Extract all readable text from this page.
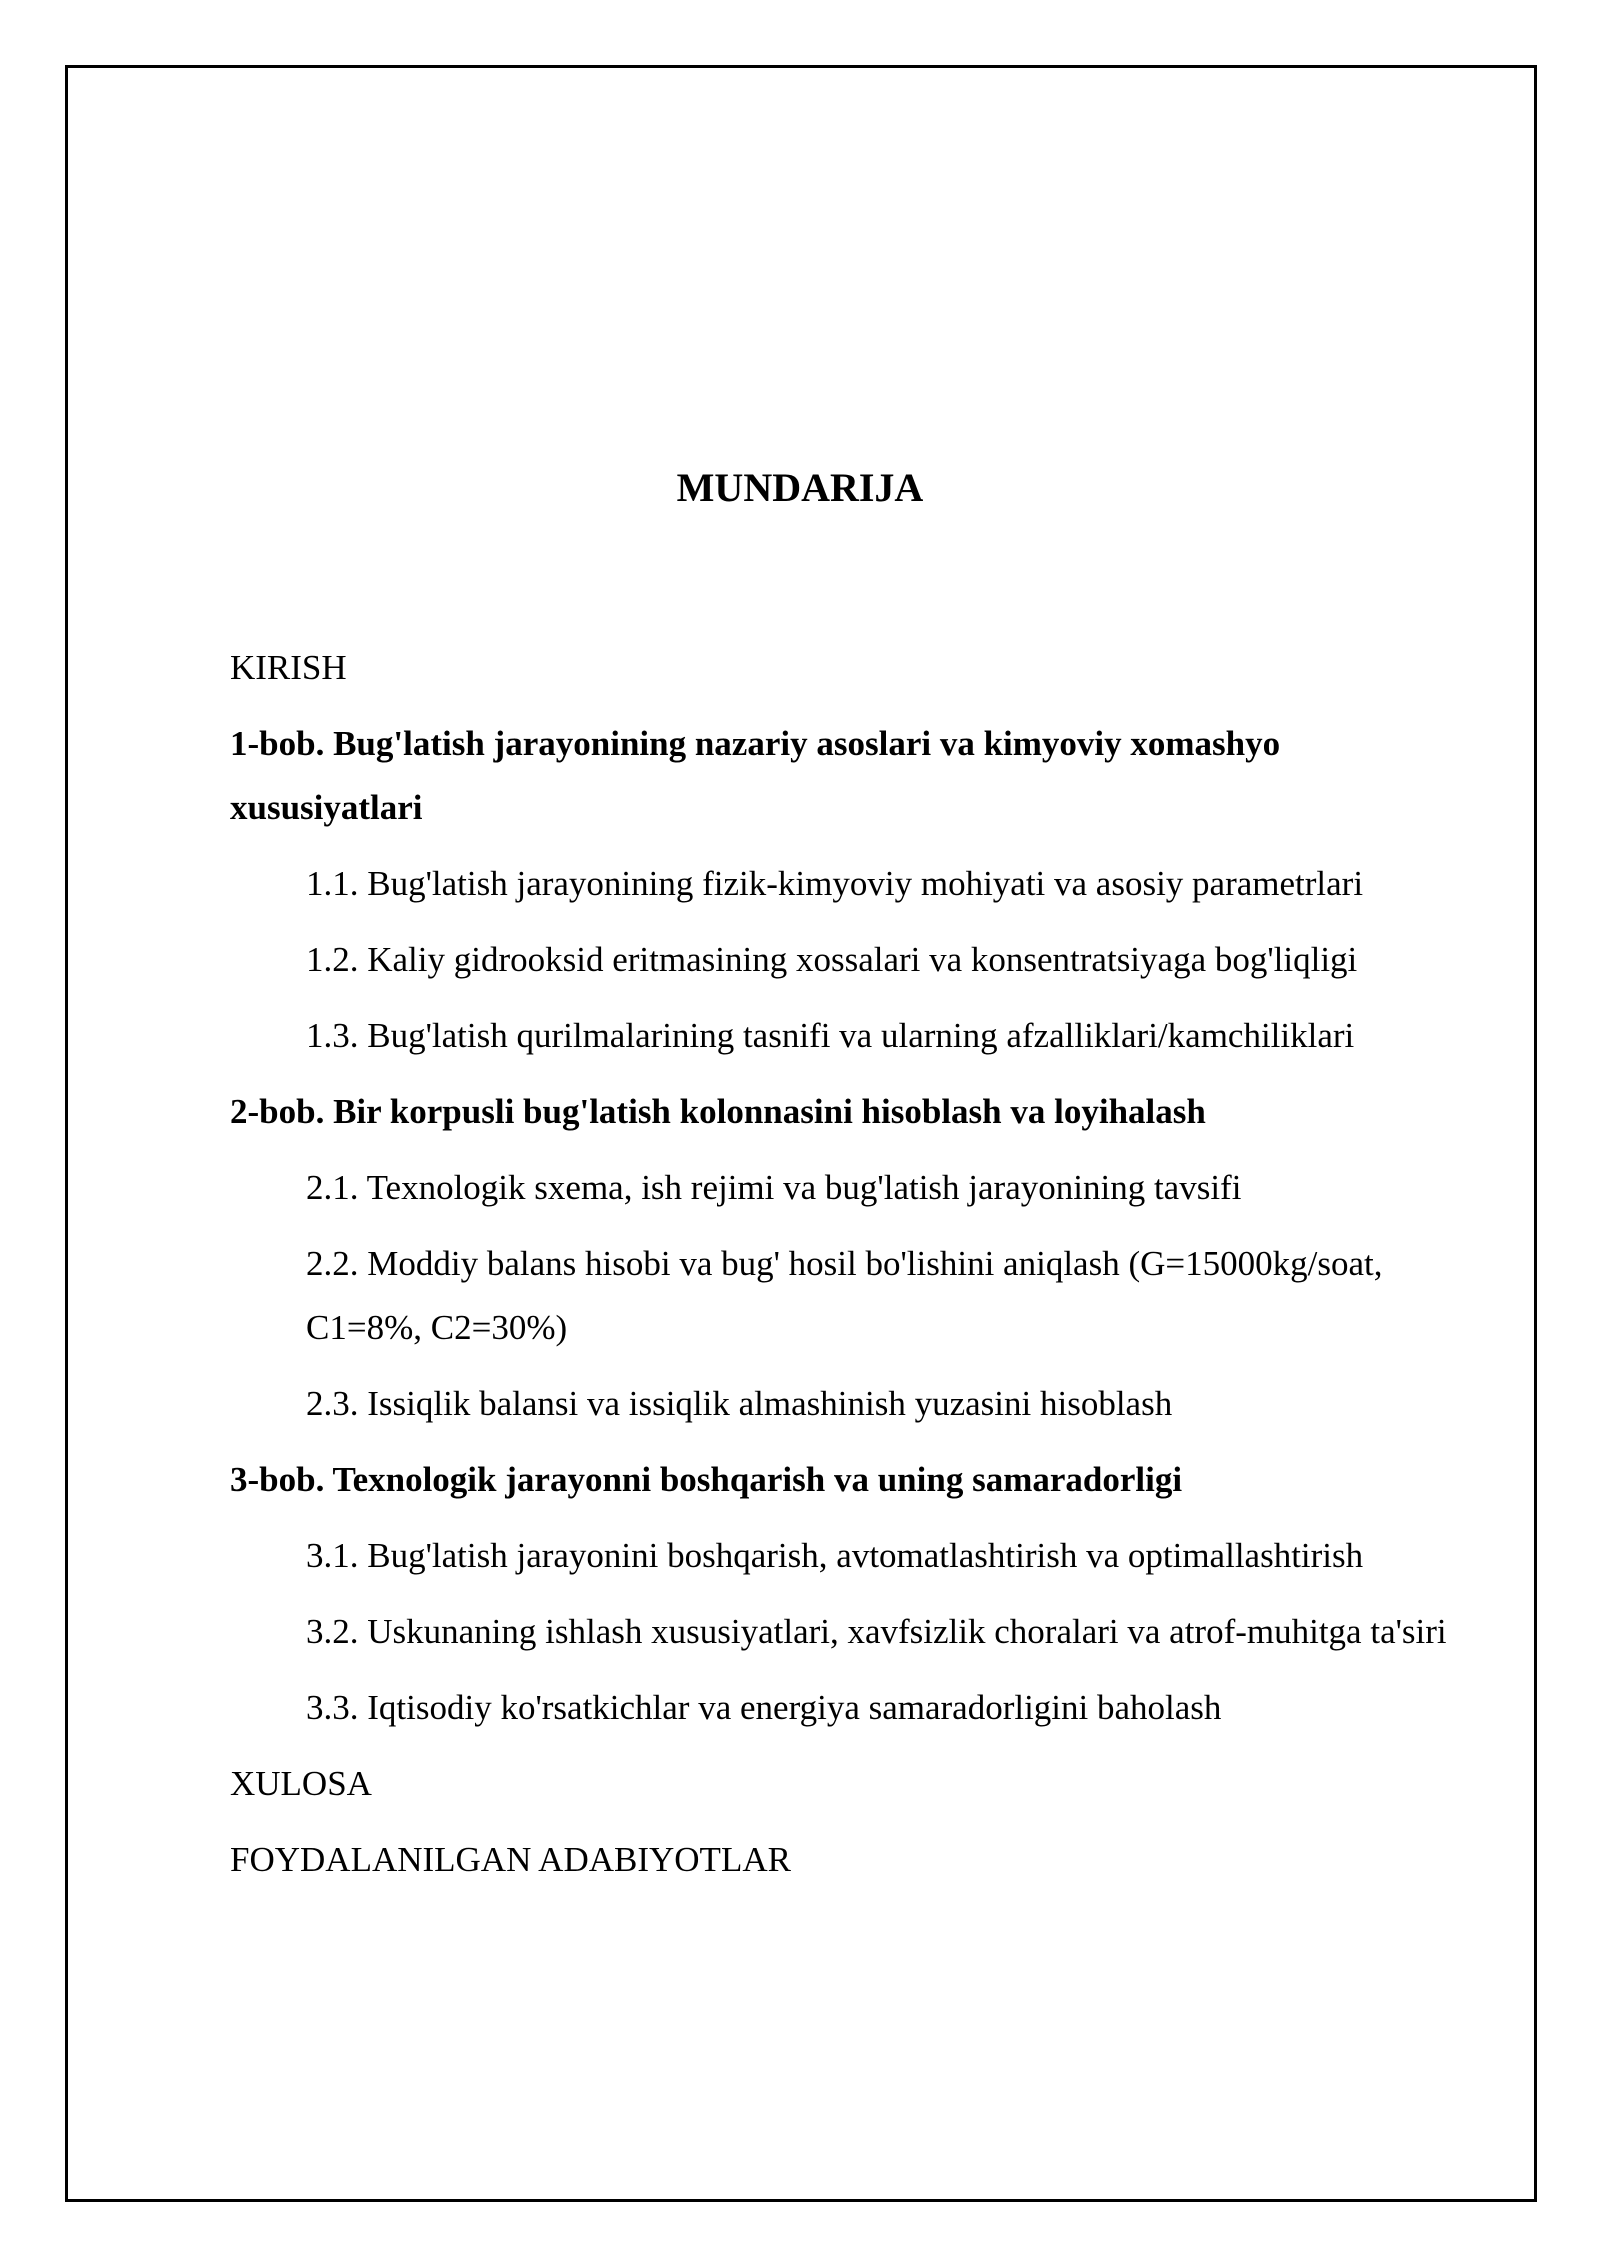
MUNDARIJA
KIRISH
1-bob. Bug'latish jarayonining nazariy asoslari va kimyoviy xomashyo xususiyatlari
1.1. Bug'latish jarayonining fizik-kimyoviy mohiyati va asosiy parametrlari
1.2. Kaliy gidrooksid eritmasining xossalari va konsentratsiyaga bog'liqligi
1.3. Bug'latish qurilmalarining tasnifi va ularning afzalliklari/kamchiliklari
2-bob. Bir korpusli bug'latish kolonnasini hisoblash va loyihalash
2.1. Texnologik sxema, ish rejimi va bug'latish jarayonining tavsifi
2.2. Moddiy balans hisobi va bug' hosil bo'lishini aniqlash (G=15000kg/soat, C1=8%, C2=30%)
2.3. Issiqlik balansi va issiqlik almashinish yuzasini hisoblash
3-bob. Texnologik jarayonni boshqarish va uning samaradorligi
3.1. Bug'latish jarayonini boshqarish, avtomatlashtirish va optimallashtirish
3.2. Uskunaning ishlash xususiyatlari, xavfsizlik choralari va atrof-muhitga ta'siri
3.3. Iqtisodiy ko'rsatkichlar va energiya samaradorligini baholash
XULOSA
FOYDALANILGAN ADABIYOTLAR
